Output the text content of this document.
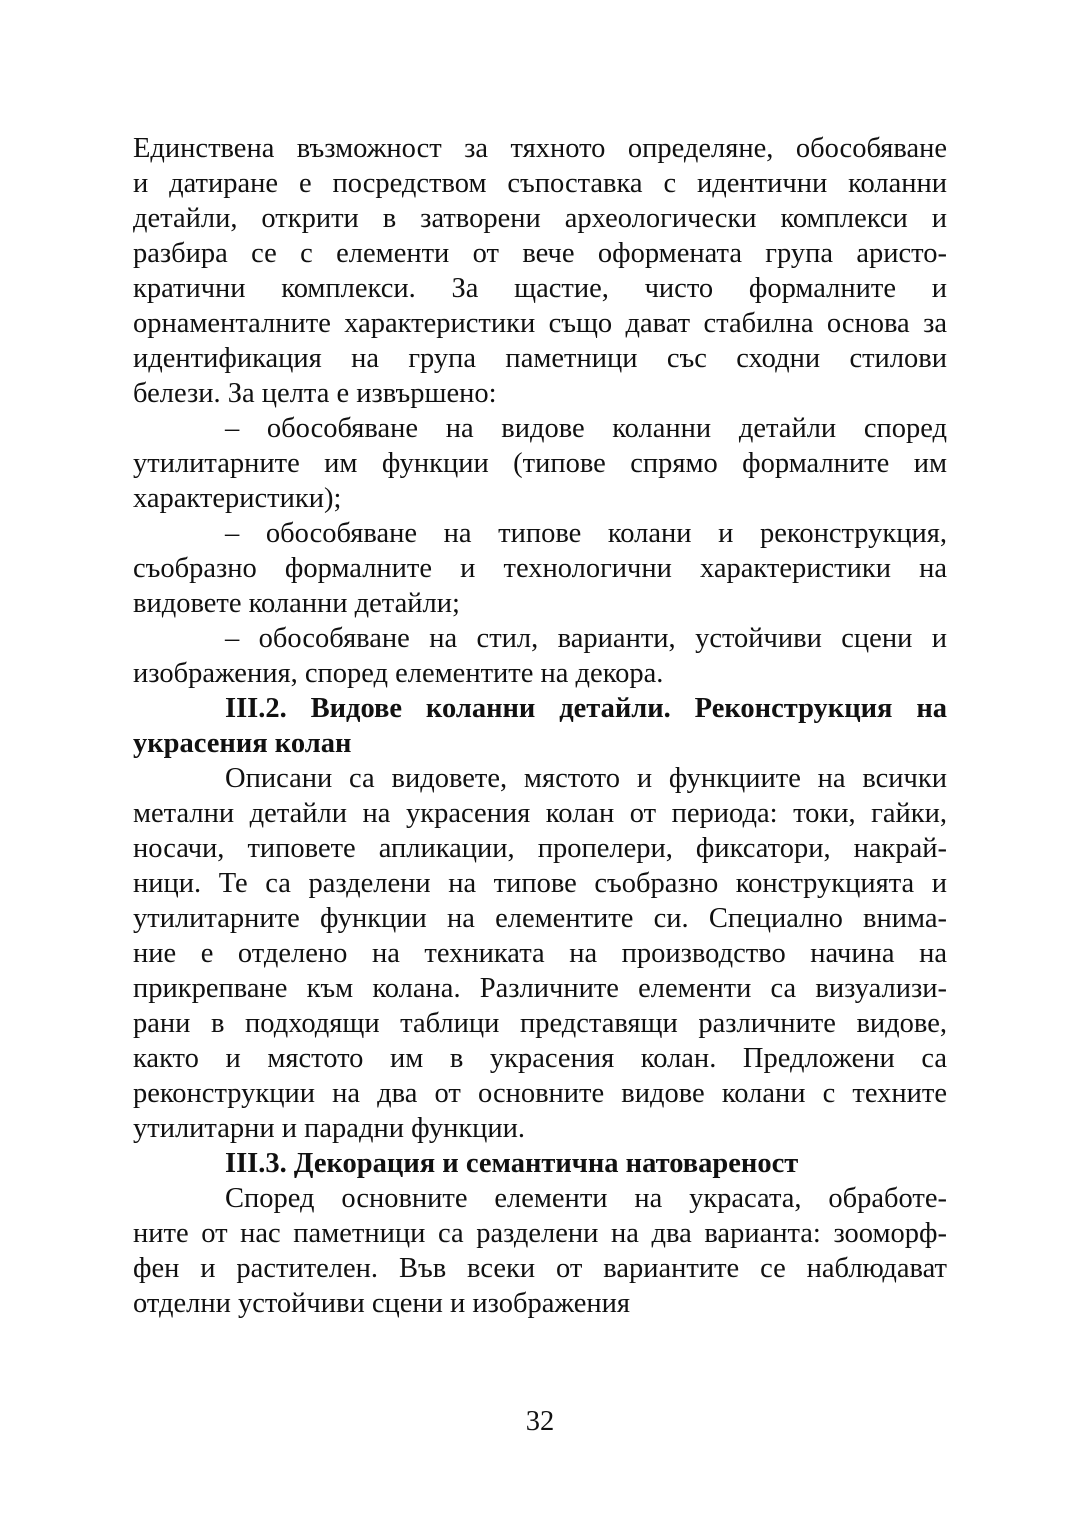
Единствена възможност за тяхното определяне, обособяване

и датиране е посредством съпоставка с идентични коланни

детайли, открити в затворени археологически комплекси и

разбира се с елементи от вече оформената група аристо-

кратични комплекси. За щастие, чисто формалните и

орнаменталните характеристики също дават стабилна основа за

идентификация на група паметници със сходни стилови

белези. За целта е извършено:

– обособяване на видове коланни детайли според

утилитарните им функции (типове спрямо формалните им

характеристики);

– обособяване на типове колани и реконструкция,

съобразно формалните и технологични характеристики на

видовете коланни детайли;

– обособяване на стил, варианти, устойчиви сцени и

изображения, според елементите на декора.

III.2. Видове коланни детайли. Реконструкция на

украсения колан

Описани са видовете, мястото и функциите на всички

метални детайли на украсения колан от периода: токи, гайки,

носачи, типовете апликации, пропелери, фиксатори, накрай-

ници. Те са разделени на типове съобразно конструкцията и

утилитарните функции на елементите си. Специално внима-

ние е отделено на техниката на производство начина на

прикрепване към колана. Различните елементи са визуализи-

рани в подходящи таблици представящи различните видове,

както и мястото им в украсения колан. Предложени са

реконструкции на два от основните видове колани с техните

утилитарни и парадни функции.

III.3. Декорация и семантична натовареност

Според основните елементи на украсата, обработе-

ните от нас паметници са разделени на два варианта: зооморф-

фен и растителен. Във всеки от вариантите се наблюдават

отделни устойчиви сцени и изображения

32
